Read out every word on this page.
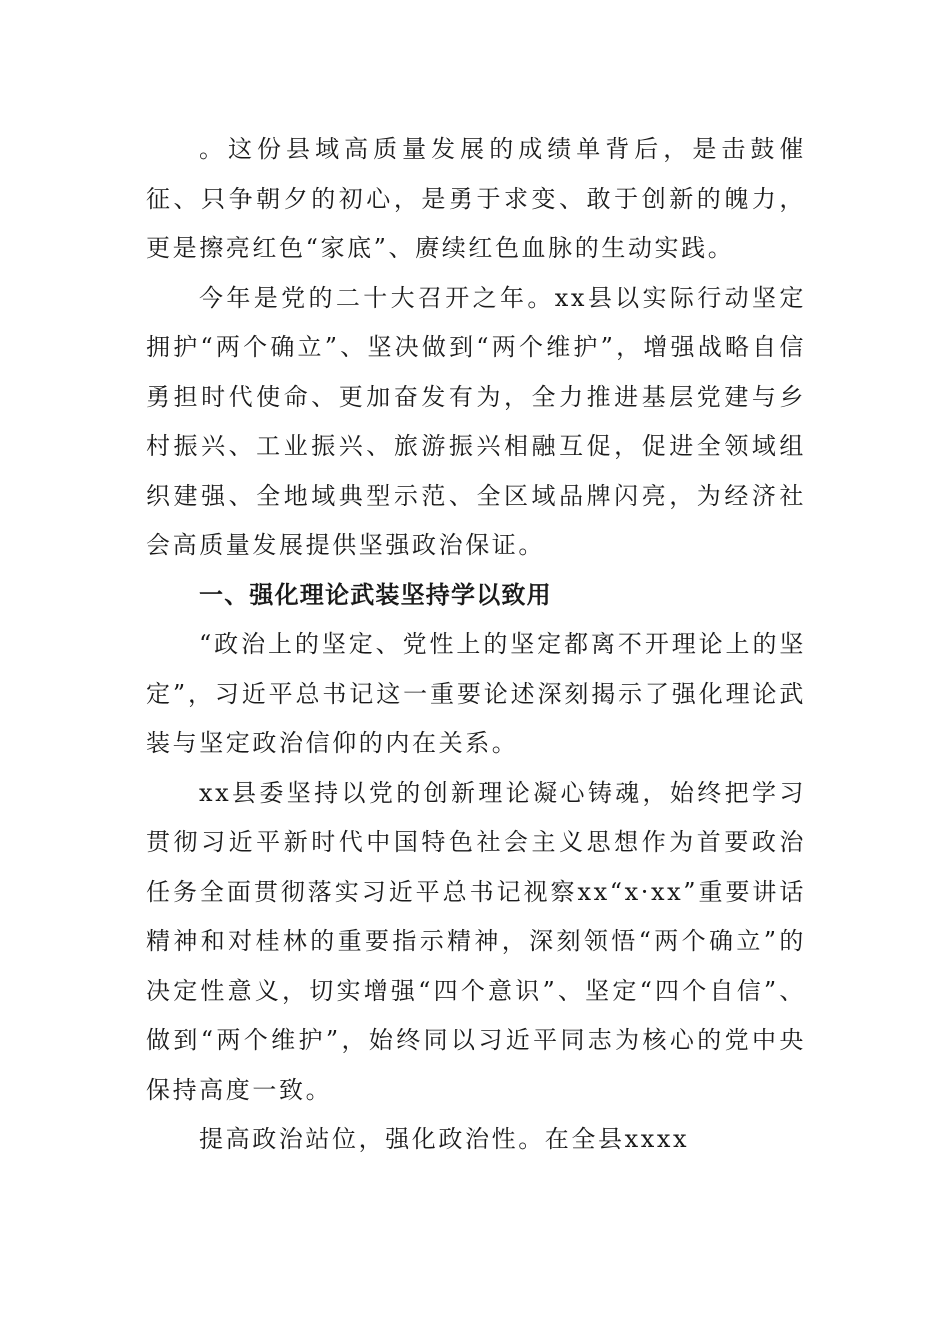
。这份县域高质量发展的成绩单背后，是击鼓催征、只争朝夕的初心，是勇于求变、敢于创新的魄力，更是擦亮红色“家底”、赓续红色血脉的生动实践。

今年是党的二十大召开之年。xx县以实际行动坚定拥护“两个确立”、坚决做到“两个维护”，增强战略自信勇担时代使命、更加奋发有为，全力推进基层党建与乡村振兴、工业振兴、旅游振兴相融互促，促进全领域组织建强、全地域典型示范、全区域品牌闪亮，为经济社会高质量发展提供坚强政治保证。

一、强化理论武装坚持学以致用

“政治上的坚定、党性上的坚定都离不开理论上的坚定”，习近平总书记这一重要论述深刻揭示了强化理论武装与坚定政治信仰的内在关系。

xx县委坚持以党的创新理论凝心铸魂，始终把学习贯彻习近平新时代中国特色社会主义思想作为首要政治任务全面贯彻落实习近平总书记视察xx“x·xx”重要讲话精神和对桂林的重要指示精神，深刻领悟“两个确立”的决定性意义，切实增强“四个意识”、坚定“四个自信”、做到“两个维护”，始终同以习近平同志为核心的党中央保持高度一致。

提高政治站位，强化政治性。在全县xxxx
